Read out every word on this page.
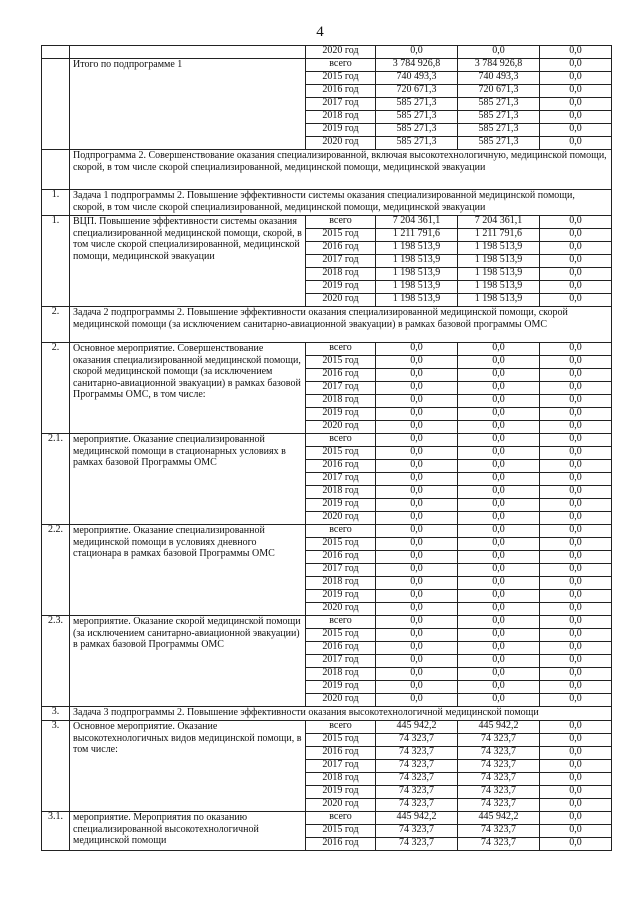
4
		2020 год	0,0	0,0	0,0
	Итого по подпрограмме 1	всего	3 784 926,8	3 784 926,8	0,0
		2015 год	740 493,3	740 493,3	0,0
		2016 год	720 671,3	720 671,3	0,0
		2017 год	585 271,3	585 271,3	0,0
		2018 год	585 271,3	585 271,3	0,0
		2019 год	585 271,3	585 271,3	0,0
		2020 год	585 271,3	585 271,3	0,0
	Подпрограмма 2. Совершенствование оказания специализированной, включая высокотехнологичную, медицинской помощи, скорой, в том числе скорой специализированной, медицинской помощи, медицинской эвакуации				
1.	Задача 1 подпрограммы 2. Повышение эффективности системы оказания специализированной медицинской помощи, скорой, в том числе скорой специализированной, медицинской помощи, медицинской эвакуации				
1.	ВЦП. Повышение эффективности системы оказания специализированной медицинской помощи, скорой, в том числе скорой специализированной, медицинской помощи, медицинской эвакуации	всего	7 204 361,1	7 204 361,1	0,0
		2015 год	1 211 791,6	1 211 791,6	0,0
		2016 год	1 198 513,9	1 198 513,9	0,0
		2017 год	1 198 513,9	1 198 513,9	0,0
		2018 год	1 198 513,9	1 198 513,9	0,0
		2019 год	1 198 513,9	1 198 513,9	0,0
		2020 год	1 198 513,9	1 198 513,9	0,0
2.	Задача 2 подпрограммы 2. Повышение эффективности оказания специализированной медицинской помощи, скорой медицинской помощи (за исключением санитарно-авиационной эвакуации) в рамках базовой программы ОМС				
2.	Основное мероприятие. Совершенствование оказания специализированной медицинской помощи, скорой медицинской помощи (за исключением санитарно-авиационной эвакуации) в рамках базовой Программы ОМС, в том числе:	всего	0,0	0,0	0,0
		2015 год	0,0	0,0	0,0
		2016 год	0,0	0,0	0,0
		2017 год	0,0	0,0	0,0
		2018 год	0,0	0,0	0,0
		2019 год	0,0	0,0	0,0
		2020 год	0,0	0,0	0,0
2.1.	мероприятие. Оказание специализированной медицинской помощи в стационарных условиях в рамках базовой Программы ОМС	всего	0,0	0,0	0,0
		2015 год	0,0	0,0	0,0
		2016 год	0,0	0,0	0,0
		2017 год	0,0	0,0	0,0
		2018 год	0,0	0,0	0,0
		2019 год	0,0	0,0	0,0
		2020 год	0,0	0,0	0,0
2.2.	мероприятие. Оказание специализированной медицинской помощи в условиях дневного стационара в рамках базовой Программы ОМС	всего	0,0	0,0	0,0
		2015 год	0,0	0,0	0,0
		2016 год	0,0	0,0	0,0
		2017 год	0,0	0,0	0,0
		2018 год	0,0	0,0	0,0
		2019 год	0,0	0,0	0,0
		2020 год	0,0	0,0	0,0
2.3.	мероприятие. Оказание скорой медицинской помощи (за исключением санитарно-авиационной эвакуации) в рамках базовой Программы ОМС	всего	0,0	0,0	0,0
		2015 год	0,0	0,0	0,0
		2016 год	0,0	0,0	0,0
		2017 год	0,0	0,0	0,0
		2018 год	0,0	0,0	0,0
		2019 год	0,0	0,0	0,0
		2020 год	0,0	0,0	0,0
3.	Задача 3 подпрограммы 2. Повышение эффективности оказания высокотехнологичной медицинской помощи				
3.	Основное мероприятие. Оказание высокотехнологичных видов медицинской помощи, в том числе:	всего	445 942,2	445 942,2	0,0
		2015 год	74 323,7	74 323,7	0,0
		2016 год	74 323,7	74 323,7	0,0
		2017 год	74 323,7	74 323,7	0,0
		2018 год	74 323,7	74 323,7	0,0
		2019 год	74 323,7	74 323,7	0,0
		2020 год	74 323,7	74 323,7	0,0
3.1.	мероприятие. Мероприятия по оказанию специализированной высокотехнологичной медицинской помощи	всего	445 942,2	445 942,2	0,0
		2015 год	74 323,7	74 323,7	0,0
		2016 год	74 323,7	74 323,7	0,0
